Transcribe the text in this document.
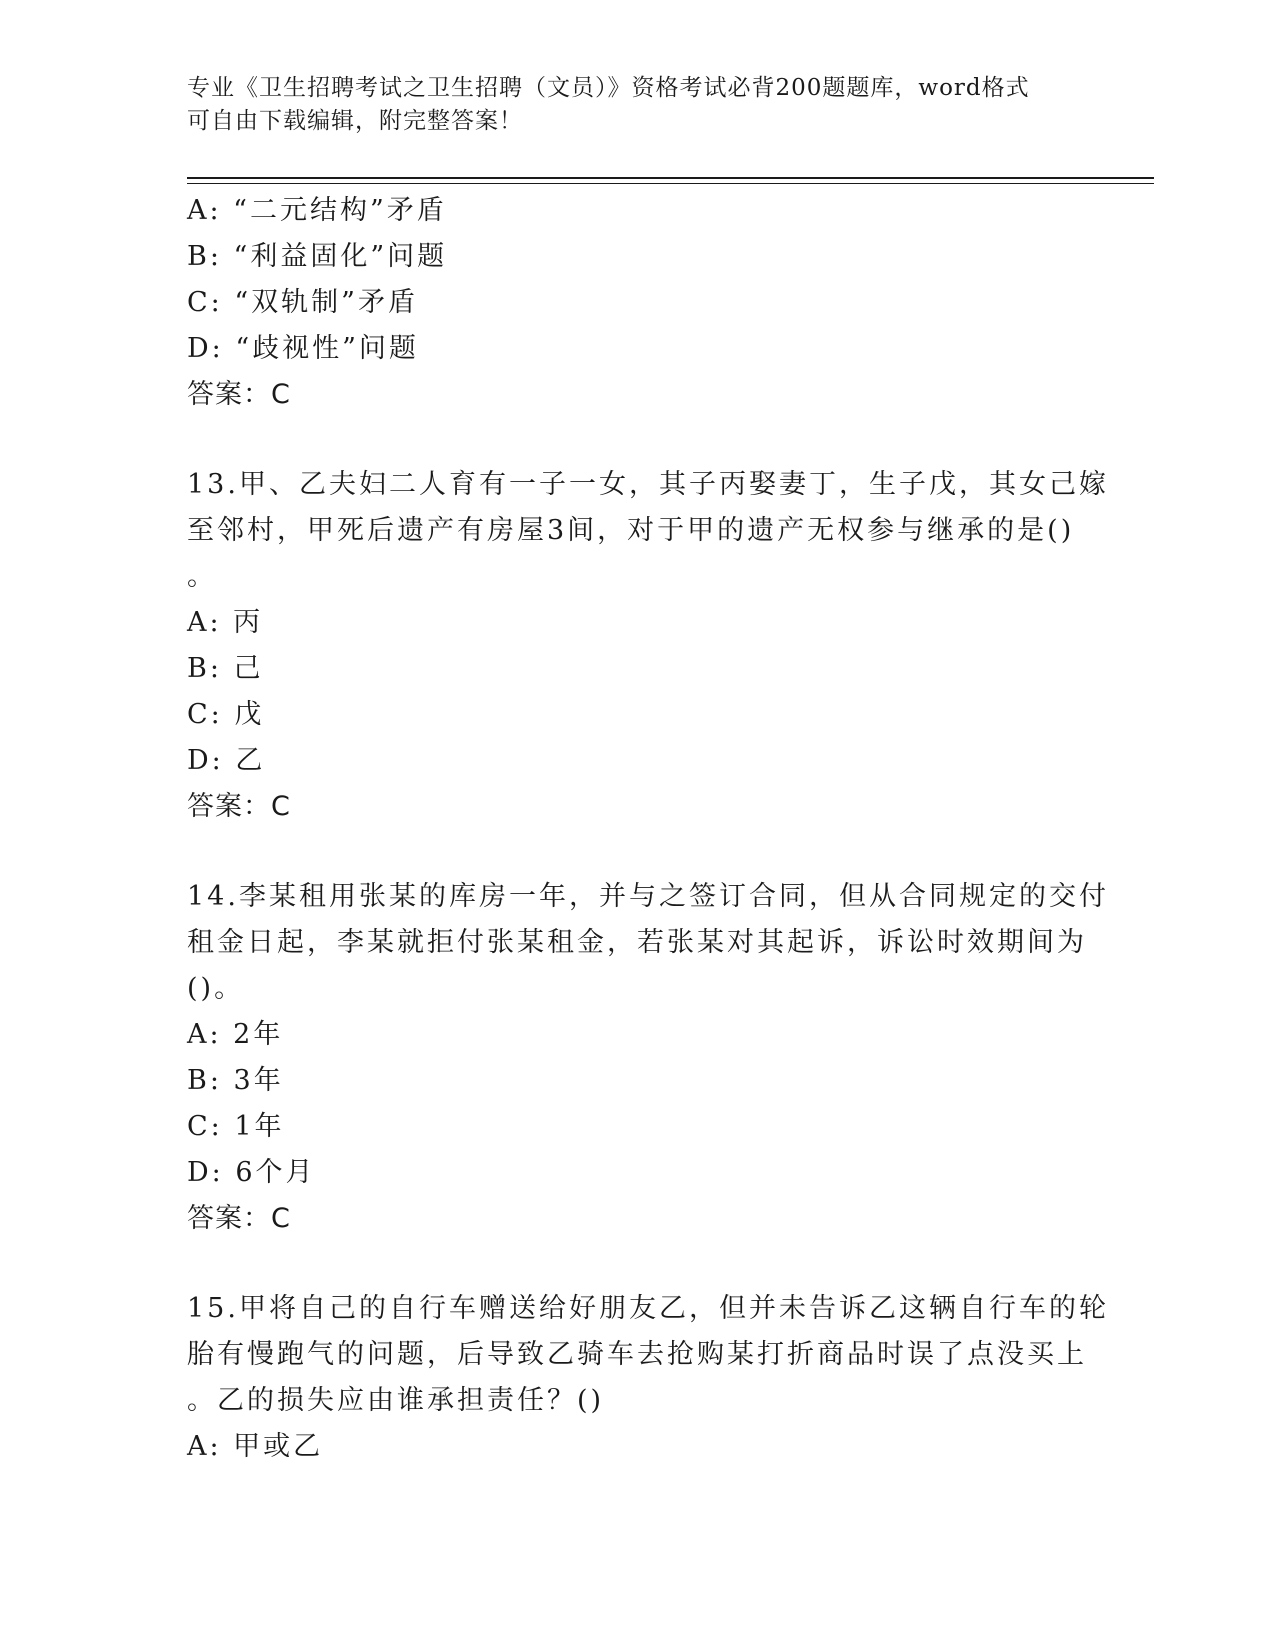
专业《卫生招聘考试之卫生招聘（文员）》资格考试必背200题题库，word格式
可自由下载编辑，附完整答案！
A: “二元结构”矛盾
B: “利益固化”问题
C: “双轨制”矛盾
D: “歧视性”问题
答案：C
13.甲、乙夫妇二人育有一子一女，其子丙娶妻丁，生子戊，其女己嫁
至邻村，甲死后遗产有房屋3间，对于甲的遗产无权参与继承的是()
。
A: 丙
B: 己
C: 戊
D: 乙
答案：C
14.李某租用张某的库房一年，并与之签订合同，但从合同规定的交付
租金日起，李某就拒付张某租金，若张某对其起诉，诉讼时效期间为
()。
A: 2年
B: 3年
C: 1年
D: 6个月
答案：C
15.甲将自己的自行车赠送给好朋友乙，但并未告诉乙这辆自行车的轮
胎有慢跑气的问题，后导致乙骑车去抢购某打折商品时误了点没买上
。乙的损失应由谁承担责任？()
A: 甲或乙
